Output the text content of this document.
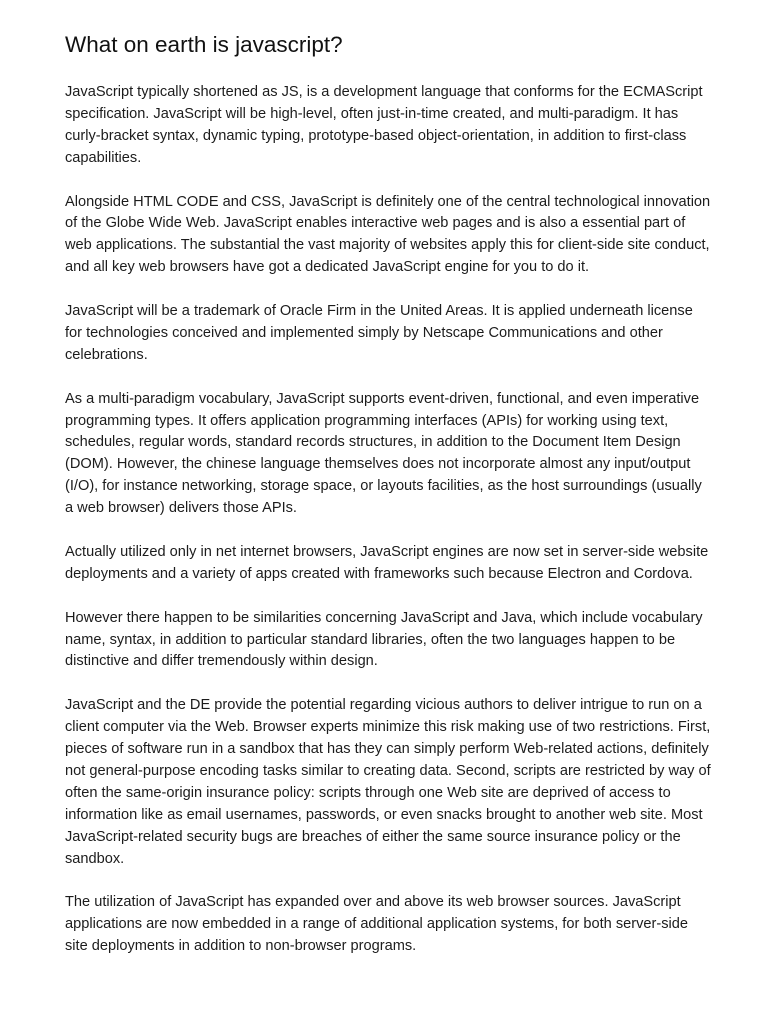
What on earth is javascript?

JavaScript typically shortened as JS, is a development language that conforms for the ECMAScript specification. JavaScript will be high-level, often just-in-time created, and multi-paradigm. It has curly-bracket syntax, dynamic typing, prototype-based object-orientation, in addition to first-class capabilities.

Alongside HTML CODE and CSS, JavaScript is definitely one of the central technological innovation of the Globe Wide Web. JavaScript enables interactive web pages and is also a essential part of web applications. The substantial the vast majority of websites apply this for client-side site conduct, and all key web browsers have got a dedicated JavaScript engine for you to do it.

JavaScript will be a trademark of Oracle Firm in the United Areas. It is applied underneath license for technologies conceived and implemented simply by Netscape Communications and other celebrations.

As a multi-paradigm vocabulary, JavaScript supports event-driven, functional, and even imperative programming types. It offers application programming interfaces (APIs) for working using text, schedules, regular words, standard records structures, in addition to the Document Item Design (DOM). However, the chinese language themselves does not incorporate almost any input/output (I/O), for instance networking, storage space, or layouts facilities, as the host surroundings (usually a web browser) delivers those APIs.

Actually utilized only in net internet browsers, JavaScript engines are now set in server-side website deployments and a variety of apps created with frameworks such because Electron and Cordova.

However there happen to be similarities concerning JavaScript and Java, which include vocabulary name, syntax, in addition to particular standard libraries, often the two languages happen to be distinctive and differ tremendously within design.

JavaScript and the DE provide the potential regarding vicious authors to deliver intrigue to run on a client computer via the Web. Browser experts minimize this risk making use of two restrictions. First, pieces of software run in a sandbox that has they can simply perform Web-related actions, definitely not general-purpose encoding tasks similar to creating data. Second, scripts are restricted by way of often the same-origin insurance policy: scripts through one Web site are deprived of access to information like as email usernames, passwords, or even snacks brought to another web site. Most JavaScript-related security bugs are breaches of either the same source insurance policy or the sandbox.

The utilization of JavaScript has expanded over and above its web browser sources. JavaScript applications are now embedded in a range of additional application systems, for both server-side site deployments in addition to non-browser programs.
